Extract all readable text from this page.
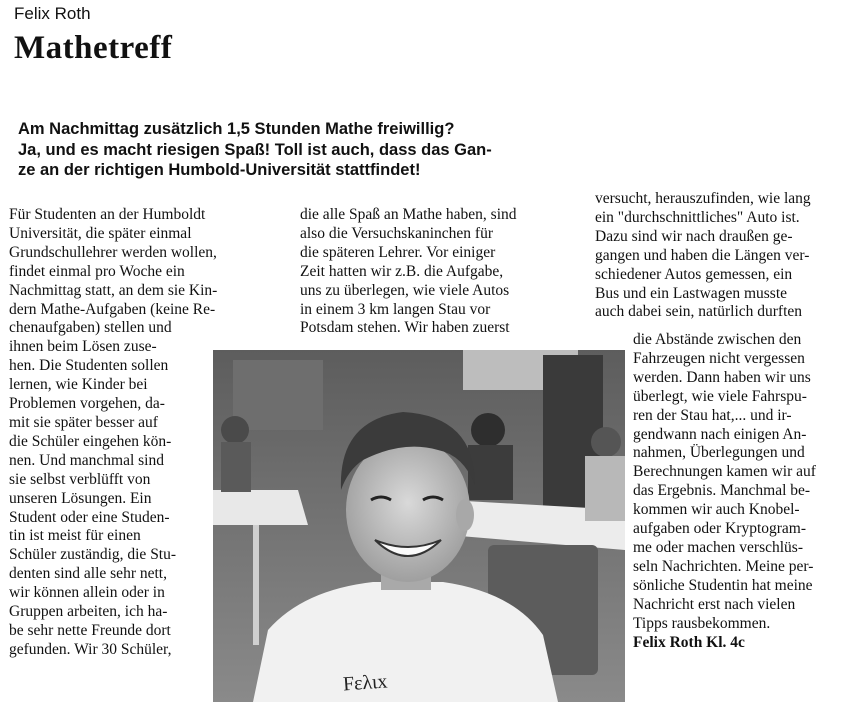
Felix Roth
Mathetreff
Am Nachmittag zusätzlich 1,5 Stunden Mathe freiwillig?
Ja, und es macht riesigen Spaß! Toll ist auch, dass das Gan-
ze an der richtigen Humbold-Universität stattfindet!
Für Studenten an der Humboldt
Universität, die später einmal
Grundschullehrer werden wollen,
findet einmal pro Woche ein
Nachmittag statt, an dem sie Kin-
dern Mathe-Aufgaben (keine Re-
chenaufgaben) stellen und
ihnen beim Lösen zuse-
hen. Die Studenten sollen
lernen, wie Kinder bei
Problemen vorgehen, da-
mit sie später besser auf
die Schüler eingehen kön-
nen. Und manchmal sind
sie selbst verblüfft von
unseren Lösungen. Ein
Student oder eine Studen-
tin ist meist für einen
Schüler zuständig, die Stu-
denten sind alle sehr nett,
wir können allein oder in
Gruppen arbeiten, ich ha-
be sehr nette Freunde dort
gefunden. Wir 30 Schüler,
die alle Spaß an Mathe haben, sind
also die Versuchskaninchen für
die späteren Lehrer. Vor einiger
Zeit hatten wir z.B. die Aufgabe,
uns zu überlegen, wie viele Autos
in einem 3 km langen Stau vor
Potsdam stehen. Wir haben zuerst
versucht, herauszufinden, wie lang
ein "durchschnittliches" Auto ist.
Dazu sind wir nach draußen ge-
gangen und haben die Längen ver-
schiedener Autos gemessen, ein
Bus und ein Lastwagen musste
auch dabei sein, natürlich durften
die Abstände zwischen den
Fahrzeugen nicht vergessen
werden. Dann haben wir uns
überlegt, wie viele Fahrspu-
ren der Stau hat,... und ir-
gendwann nach einigen An-
nahmen, Überlegungen und
Berechnungen kamen wir auf
das Ergebnis. Manchmal be-
kommen wir auch Knobel-
aufgaben oder Kryptogram-
me oder machen verschlüs-
seln Nachrichten. Meine per-
sönliche Studentin hat meine
Nachricht erst nach vielen
Tipps rausbekommen.
Felix Roth Kl. 4c
Fελιx
